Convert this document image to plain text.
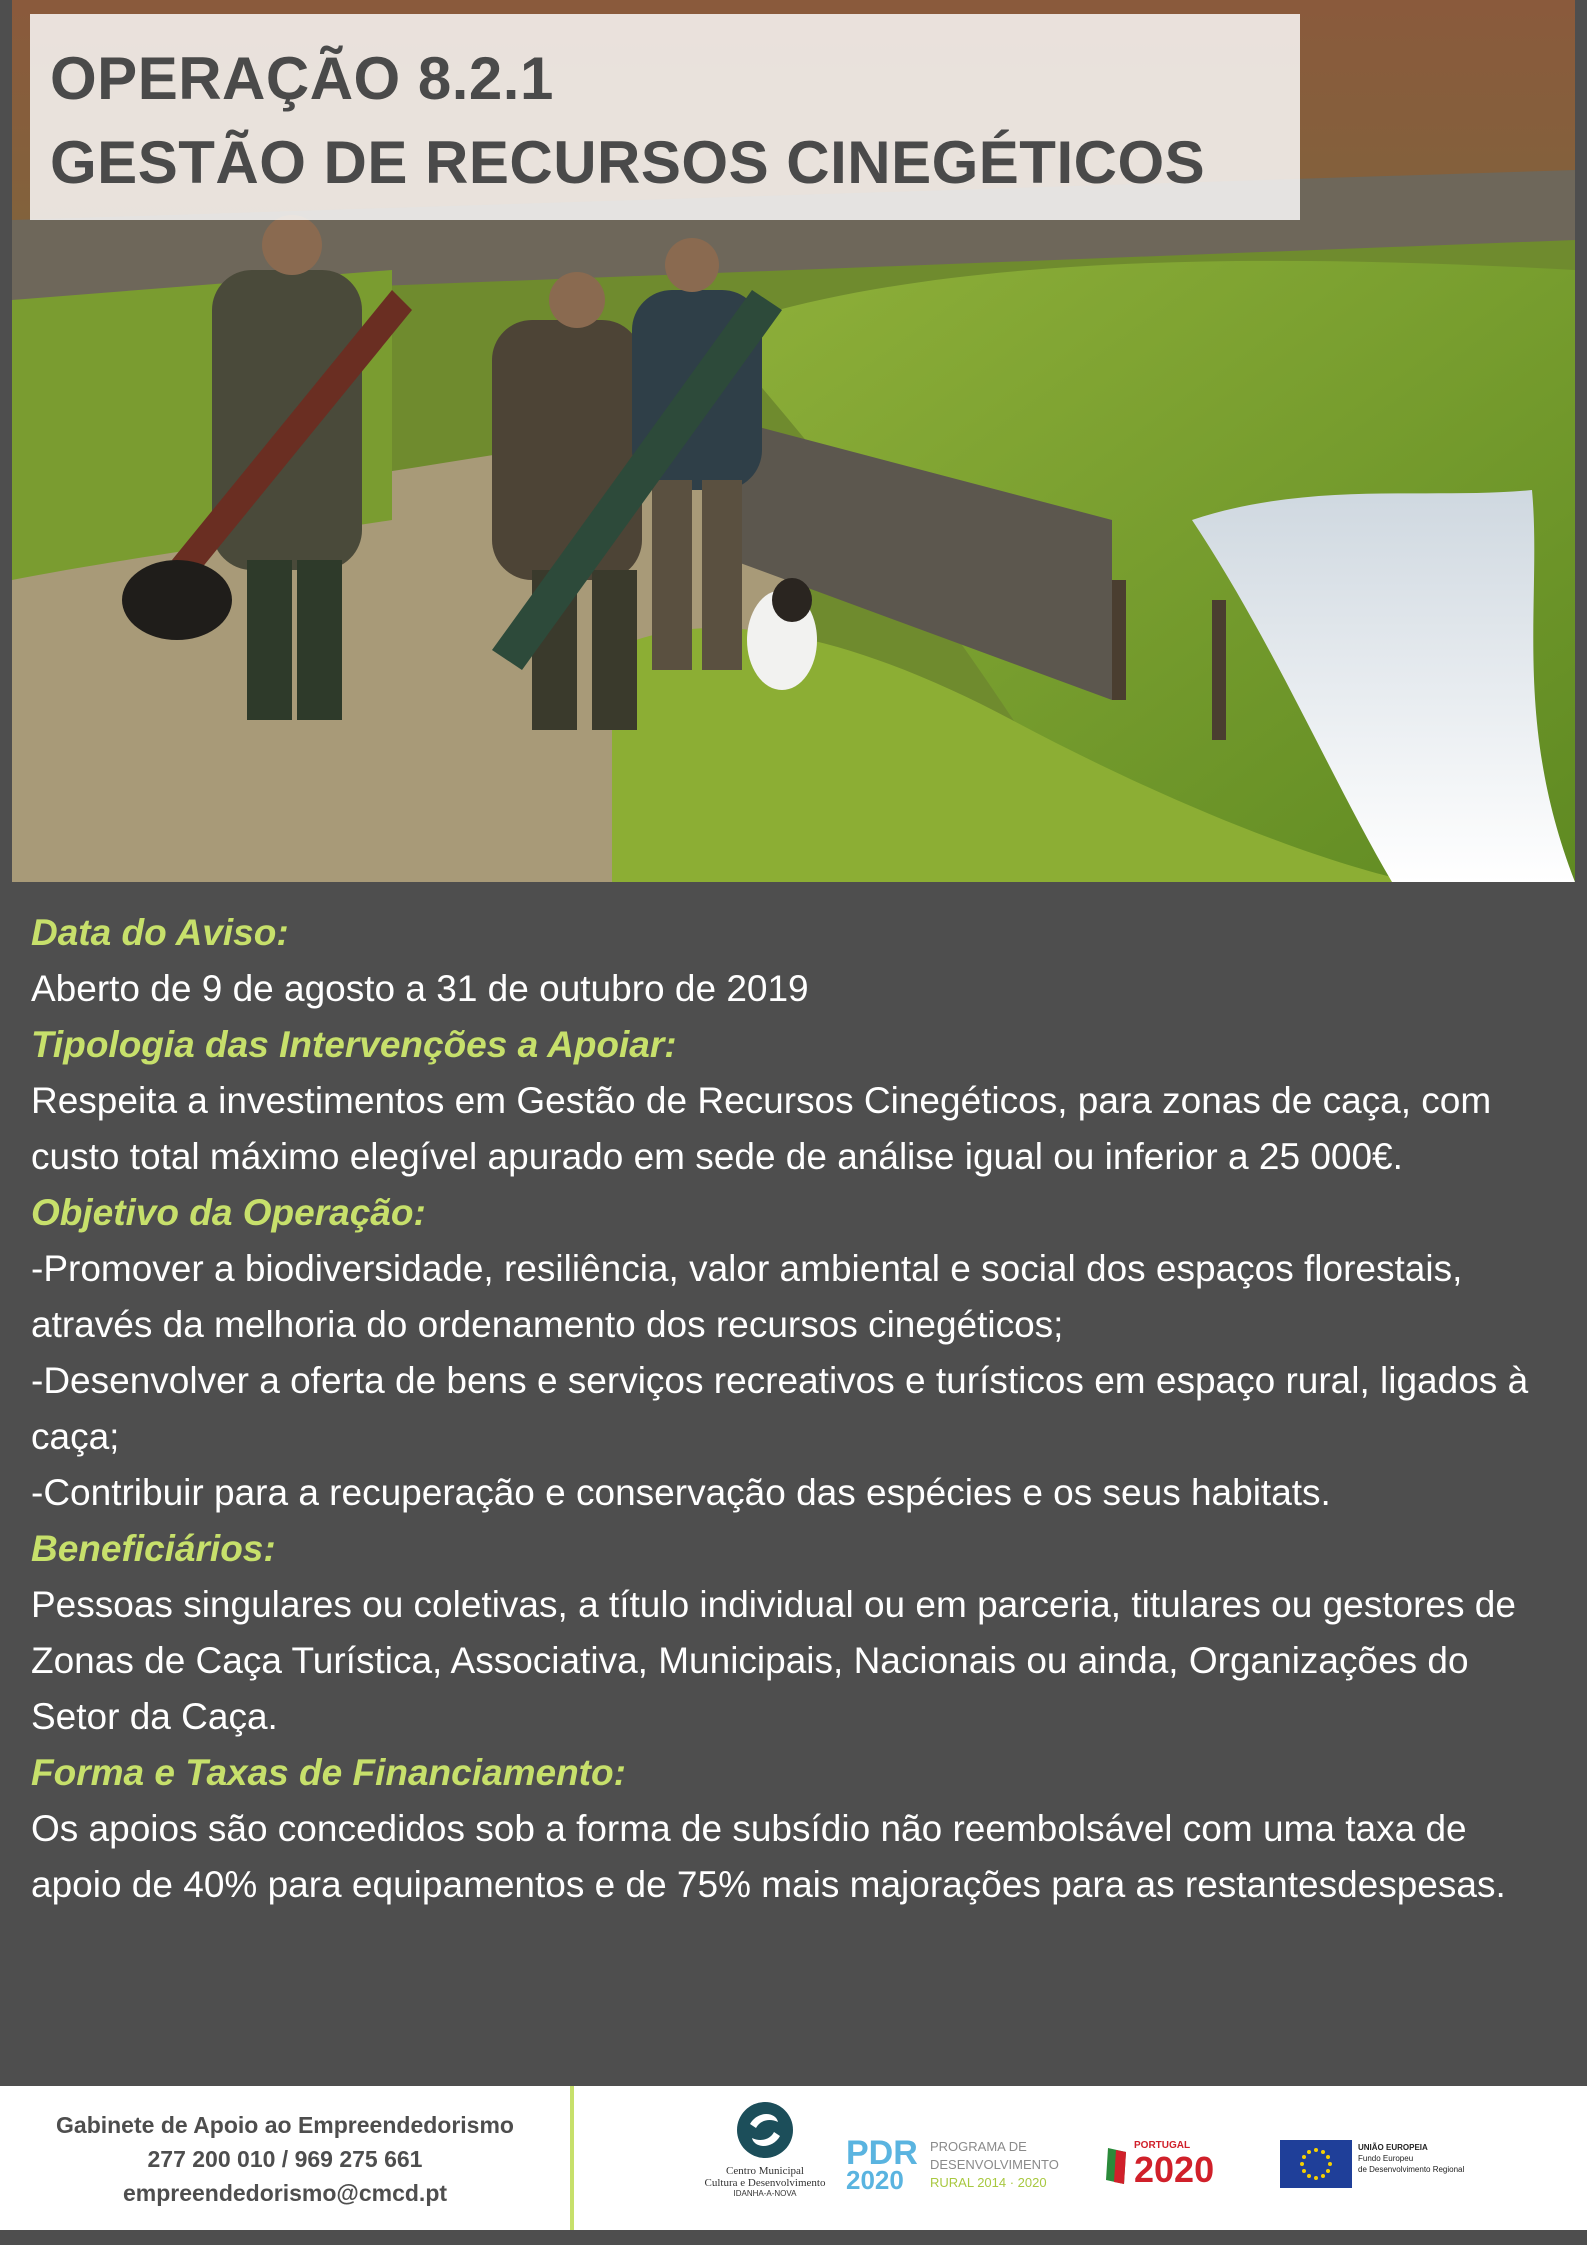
OPERAÇÃO 8.2.1
GESTÃO DE RECURSOS CINEGÉTICOS
Data do Aviso:

Aberto de 9 de agosto a 31 de outubro de 2019

Tipologia das Intervenções a Apoiar:

Respeita a investimentos em Gestão de Recursos Cinegéticos, para zonas de caça, com custo total máximo elegível apurado em sede de análise igual ou inferior a 25 000€.

Objetivo da Operação:

-Promover a biodiversidade, resiliência, valor ambiental e social dos espaços florestais, através da melhoria do ordenamento dos recursos cinegéticos;

-Desenvolver a oferta de bens e serviços recreativos e turísticos em espaço rural, ligados à caça;

-Contribuir para a recuperação e conservação das espécies e os seus habitats.

Beneficiários:

Pessoas singulares ou coletivas, a título individual ou em parceria, titulares ou gestores de Zonas de Caça Turística, Associativa, Municipais, Nacionais ou ainda, Organizações do Setor da Caça.

Forma e Taxas de Financiamento:

Os apoios são concedidos sob a forma de subsídio não reembolsável com uma taxa de apoio de 40% para equipamentos e de 75% mais majorações para as restantesdespesas.

Gabinete de Apoio ao Empreendedorismo
277 200 010 / 969 275 661
empreendedorismo@cmcd.pt
Centro Municipal
Cultura e Desenvolvimento
IDANHA-A-NOVA
PDR
2020
PROGRAMA DE
DESENVOLVIMENTO
RURAL 2014 · 2020
PORTUGAL
2020
UNIÃO EUROPEIA
Fundo Europeu
de Desenvolvimento Regional
